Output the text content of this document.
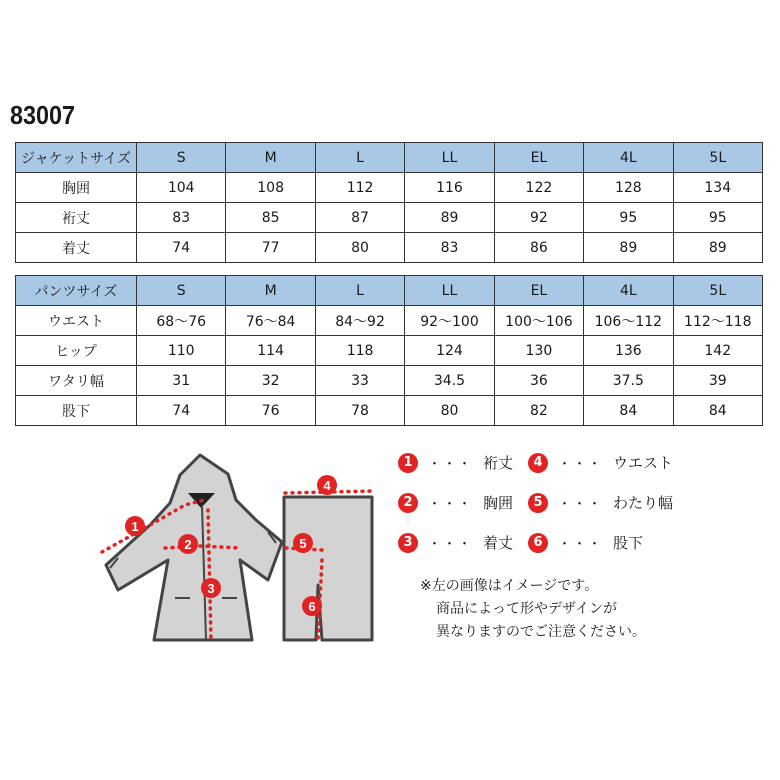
83007
ジャケットサイズ	S	M	L	LL	EL	4L	5L
胸囲	104	108	112	116	122	128	134
裄丈	83	85	87	89	92	95	95
着丈	74	77	80	83	86	89	89
パンツサイズ	S	M	L	LL	EL	4L	5L
ウエスト	68〜76	76〜84	84〜92	92〜100	100〜106	106〜112	112〜118
ヒップ	110	114	118	124	130	136	142
ワタリ幅	31	32	33	34.5	36	37.5	39
股下	74	76	78	80	82	84	84
1
2
3
4
5
6
1	・・・ 裄丈
2	・・・ 胸囲
3	・・・ 着丈
4	・・・ ウエスト
5	・・・ わたり幅
6	・・・ 股下
※左の画像はイメージです。
商品によって形やデザインが
異なりますのでご注意ください。
